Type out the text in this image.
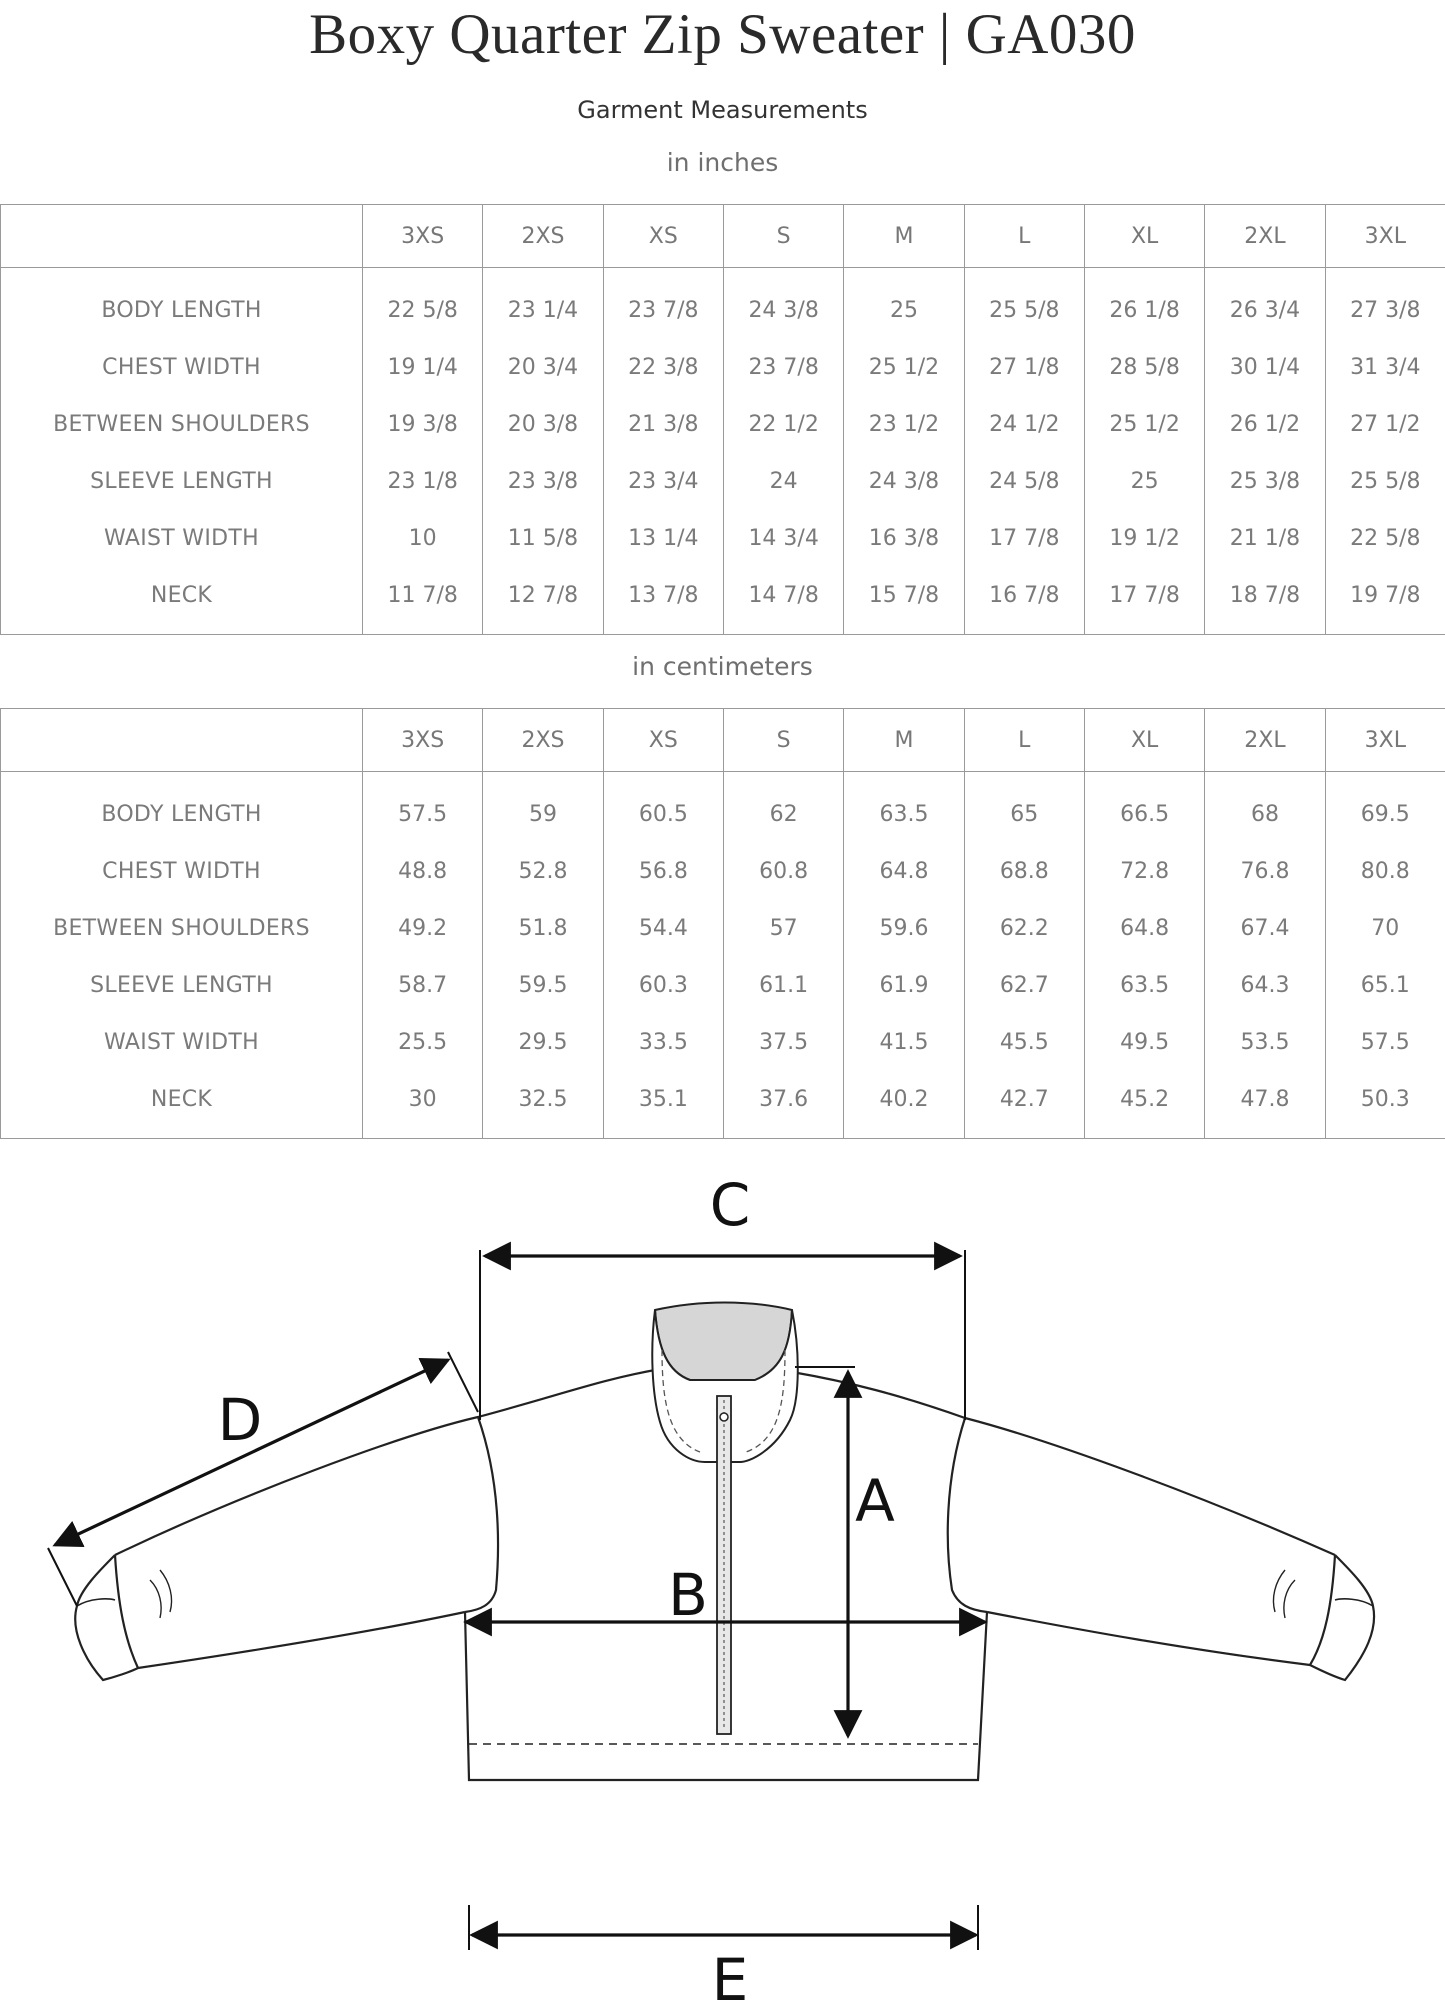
Boxy Quarter Zip Sweater | GA030
Garment Measurements
in inches
	3XS	2XS	XS	S	M	L	XL	2XL	3XL
BODY LENGTH	22 5/8	23 1/4	23 7/8	24 3/8	25	25 5/8	26 1/8	26 3/4	27 3/8
CHEST WIDTH	19 1/4	20 3/4	22 3/8	23 7/8	25 1/2	27 1/8	28 5/8	30 1/4	31 3/4
BETWEEN SHOULDERS	19 3/8	20 3/8	21 3/8	22 1/2	23 1/2	24 1/2	25 1/2	26 1/2	27 1/2
SLEEVE LENGTH	23 1/8	23 3/8	23 3/4	24	24 3/8	24 5/8	25	25 3/8	25 5/8
WAIST WIDTH	10	11 5/8	13 1/4	14 3/4	16 3/8	17 7/8	19 1/2	21 1/8	22 5/8
NECK	11 7/8	12 7/8	13 7/8	14 7/8	15 7/8	16 7/8	17 7/8	18 7/8	19 7/8
in centimeters
	3XS	2XS	XS	S	M	L	XL	2XL	3XL
BODY LENGTH	57.5	59	60.5	62	63.5	65	66.5	68	69.5
CHEST WIDTH	48.8	52.8	56.8	60.8	64.8	68.8	72.8	76.8	80.8
BETWEEN SHOULDERS	49.2	51.8	54.4	57	59.6	62.2	64.8	67.4	70
SLEEVE LENGTH	58.7	59.5	60.3	61.1	61.9	62.7	63.5	64.3	65.1
WAIST WIDTH	25.5	29.5	33.5	37.5	41.5	45.5	49.5	53.5	57.5
NECK	30	32.5	35.1	37.6	40.2	42.7	45.2	47.8	50.3
C
A
B
D
E
